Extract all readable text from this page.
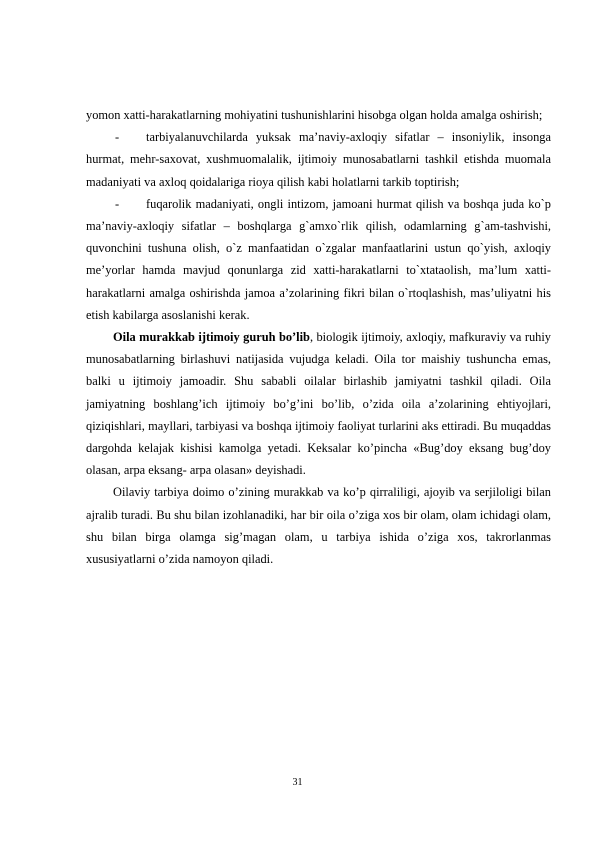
yomon xatti-harakatlarning mohiyatini tushunishlarini hisobga olgan holda amalga oshirish;

- tarbiyalanuvchilarda yuksak ma’naviy-axloqiy sifatlar – insoniylik, insonga hurmat, mehr-saxovat, xushmuomalalik, ijtimoiy munosabatlarni tashkil etishda muomala madaniyati va axloq qoidalariga rioya qilish kabi holatlarni tarkib toptirish;

- fuqarolik madaniyati, ongli intizom, jamoani hurmat qilish va boshqa juda ko`p ma’naviy-axloqiy sifatlar – boshqlarga g`amxo`rlik qilish, odamlarning g`am-tashvishi, quvonchini tushuna olish, o`z manfaatidan o`zgalar manfaatlarini ustun qo`yish, axloqiy me’yorlar hamda mavjud qonunlarga zid xatti-harakatlarni to`xtataolish, ma’lum xatti-harakatlarni amalga oshirishda jamoa a’zolarining fikri bilan o`rtoqlashish, mas’uliyatni his etish kabilarga asoslanishi kerak.

Oila murakkab ijtimoiy guruh bo’lib, biologik ijtimoiy, axloqiy, mafkuraviy va ruhiy munosabatlarning birlashuvi natijasida vujudga keladi. Oila tor maishiy tushuncha emas, balki u ijtimoiy jamoadir. Shu sababli oilalar birlashib jamiyatni tashkil qiladi. Oila jamiyatning boshlang’ich ijtimoiy bo’g’ini bo’lib, o’zida oila a’zolarining ehtiyojlari, qiziqishlari, mayllari, tarbiyasi va boshqa ijtimoiy faoliyat turlarini aks ettiradi. Bu muqaddas dargohda kelajak kishisi kamolga yetadi. Keksalar ko’pincha «Bug’doy eksang bug’doy olasan, arpa eksang- arpa olasan» deyishadi.

Oilaviy tarbiya doimo o’zining murakkab va ko’p qirraliligi, ajoyib va serjiloligi bilan ajralib turadi. Bu shu bilan izohlanadiki, har bir oila o’ziga xos bir olam, olam ichidagi olam, shu bilan birga olamga sig’magan olam, u tarbiya ishida o’ziga xos, takrorlanmas xususiyatlarni o’zida namoyon qiladi.

31
